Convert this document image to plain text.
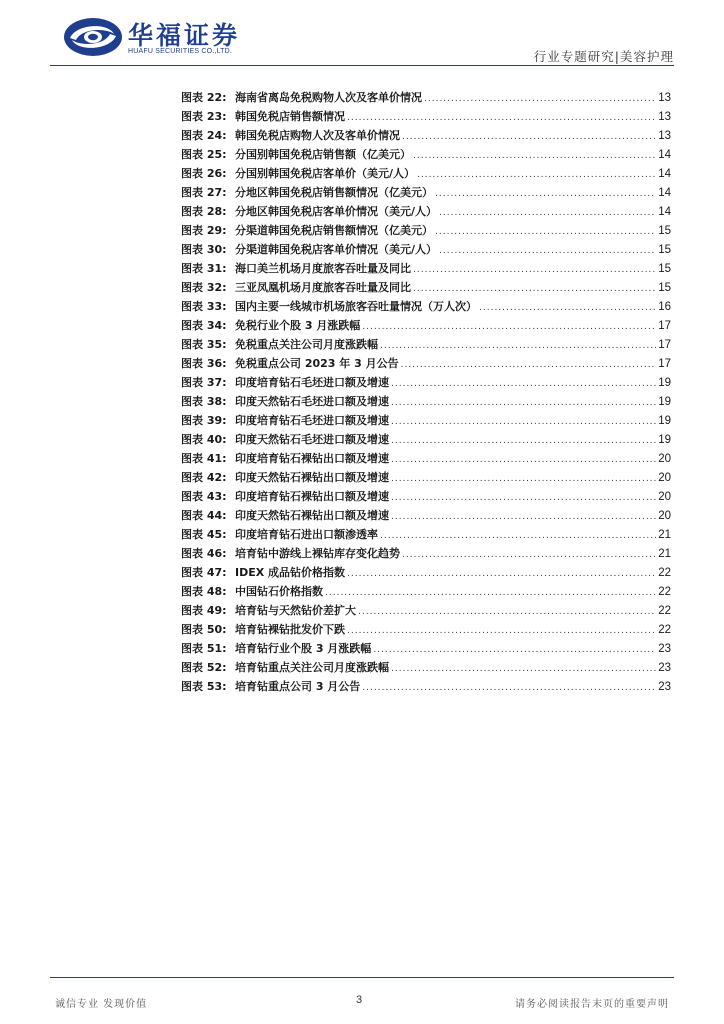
华福证券
HUAFU SECURITIES CO.,LTD.	行业专题研究|美容护理
图表 22: 海南省离岛免税购物人次及客单价情况 .....	13
图表 23: 韩国免税店销售额情况 .....	13
图表 24: 韩国免税店购物人次及客单价情况 .....	13
图表 25: 分国别韩国免税店销售额（亿美元） .....	14
图表 26: 分国别韩国免税店客单价（美元/人） .....	14
图表 27: 分地区韩国免税店销售额情况（亿美元） .....	14
图表 28: 分地区韩国免税店客单价情况（美元/人） .....	14
图表 29: 分渠道韩国免税店销售额情况（亿美元） .....	15
图表 30: 分渠道韩国免税店客单价情况（美元/人） .....	15
图表 31: 海口美兰机场月度旅客吞吐量及同比 .....	15
图表 32: 三亚凤凰机场月度旅客吞吐量及同比 .....	15
图表 33: 国内主要一线城市机场旅客吞吐量情况（万人次） .....	16
图表 34: 免税行业个股 3 月涨跌幅 .....	17
图表 35: 免税重点关注公司月度涨跌幅 .....	17
图表 36: 免税重点公司 2023 年 3 月公告 .....	17
图表 37: 印度培育钻石毛坯进口额及增速 .....	19
图表 38: 印度天然钻石毛坯进口额及增速 .....	19
图表 39: 印度培育钻石毛坯进口额及增速 .....	19
图表 40: 印度天然钻石毛坯进口额及增速 .....	19
图表 41: 印度培育钻石裸钻出口额及增速 .....	20
图表 42: 印度天然钻石裸钻出口额及增速 .....	20
图表 43: 印度培育钻石裸钻出口额及增速 .....	20
图表 44: 印度天然钻石裸钻出口额及增速 .....	20
图表 45: 印度培育钻石进出口额渗透率 .....	21
图表 46: 培育钻中游线上裸钻库存变化趋势 .....	21
图表 47: IDEX 成品钻价格指数 .....	22
图表 48: 中国钻石价格指数 .....	22
图表 49: 培育钻与天然钻价差扩大 .....	22
图表 50: 培育钻裸钻批发价下跌 .....	22
图表 51: 培育钻行业个股 3 月涨跌幅 .....	23
图表 52: 培育钻重点关注公司月度涨跌幅 .....	23
图表 53: 培育钻重点公司 3 月公告 .....	23
诚信专业 发现价值	3	请务必阅读报告末页的重要声明
